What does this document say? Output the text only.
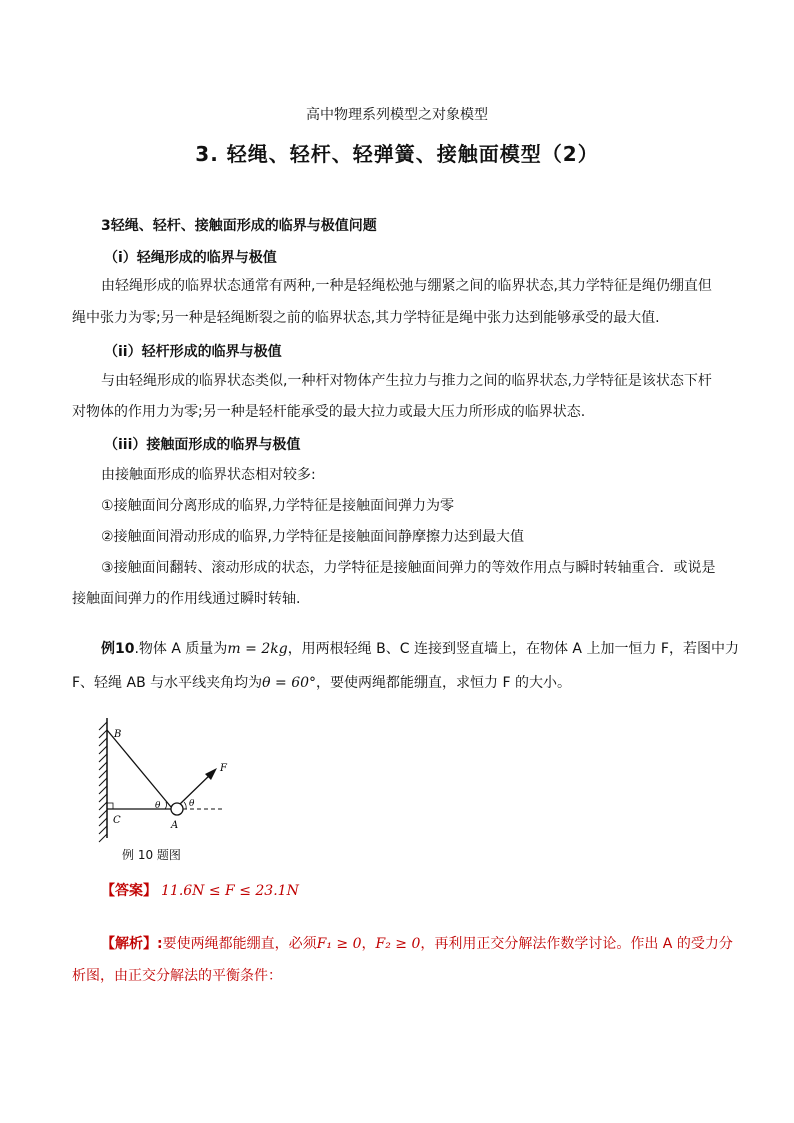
高中物理系列模型之对象模型
3. 轻绳、轻杆、轻弹簧、接触面模型（2）
3轻绳、轻杆、接触面形成的临界与极值问题
（i）轻绳形成的临界与极值
由轻绳形成的临界状态通常有两种,一种是轻绳松弛与绷紧之间的临界状态,其力学特征是绳仍绷直但
绳中张力为零;另一种是轻绳断裂之前的临界状态,其力学特征是绳中张力达到能够承受的最大值.
（ii）轻杆形成的临界与极值
与由轻绳形成的临界状态类似,一种杆对物体产生拉力与推力之间的临界状态,力学特征是该状态下杆
对物体的作用力为零;另一种是轻杆能承受的最大拉力或最大压力所形成的临界状态.
（iii）接触面形成的临界与极值
由接触面形成的临界状态相对较多:
①接触面间分离形成的临界,力学特征是接触面间弹力为零
②接触面间滑动形成的临界,力学特征是接触面间静摩擦力达到最大值
③接触面间翻转、滚动形成的状态，力学特征是接触面间弹力的等效作用点与瞬时转轴重合．或说是
接触面间弹力的作用线通过瞬时转轴.
例10.物体 A 质量为m = 2kg，用两根轻绳 B、C 连接到竖直墙上，在物体 A 上加一恒力 F，若图中力
F、轻绳 AB 与水平线夹角均为θ = 60°，要使两绳都能绷直，求恒力 F 的大小。
B
C	A
F
θ	θ
例 10 题图
【答案】 11.6N ≤ F ≤ 23.1N
【解析】:要使两绳都能绷直，必须F₁ ≥ 0，F₂ ≥ 0，再利用正交分解法作数学讨论。作出 A 的受力分
析图，由正交分解法的平衡条件：
